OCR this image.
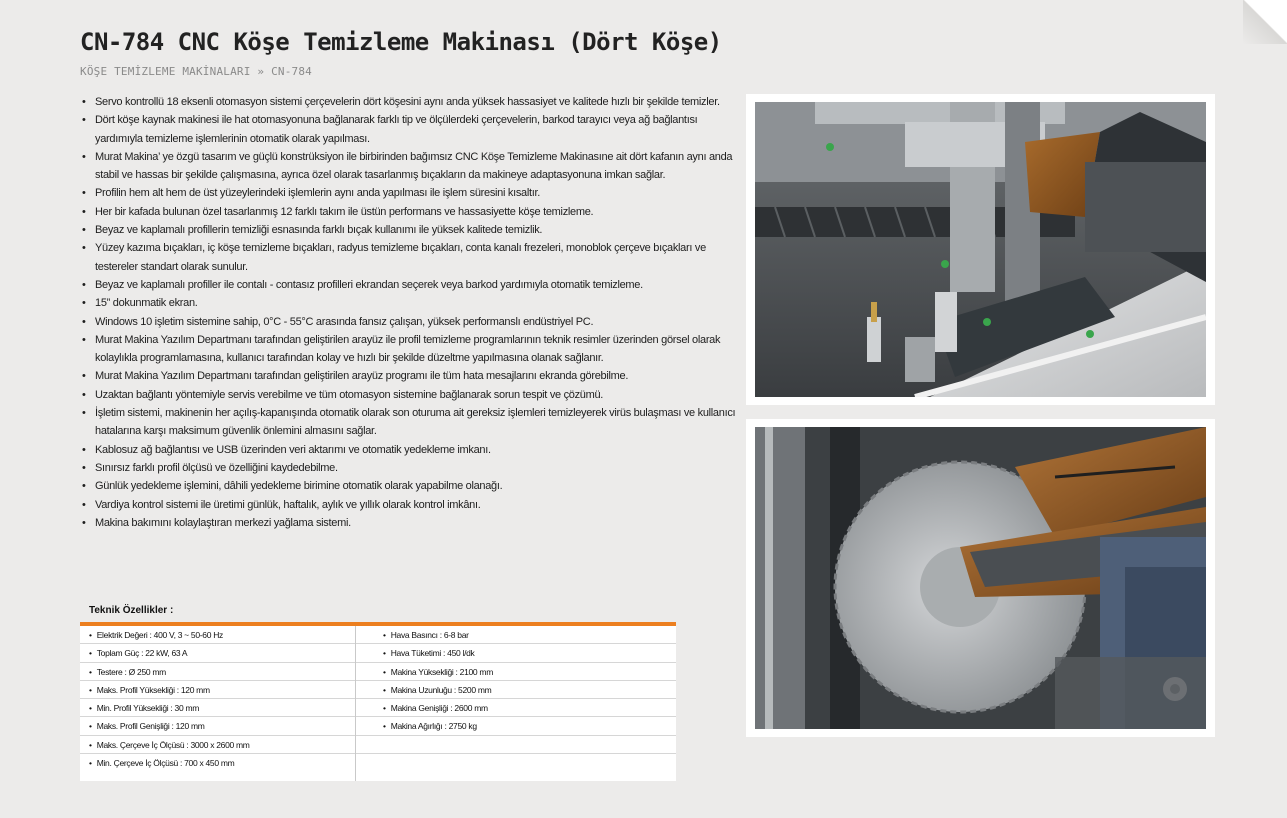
CN-784 CNC Köşe Temizleme Makinası (Dört Köşe)
KÖŞE TEMİZLEME MAKİNALARI » CN-784
• Servo kontrollü 18 eksenli otomasyon sistemi çerçevelerin dört köşesini aynı anda yüksek hassasiyet ve kalitede hızlı bir şekilde temizler.
• Dört köşe kaynak makinesi ile hat otomasyonuna bağlanarak farklı tip ve ölçülerdeki çerçevelerin, barkod tarayıcı veya ağ bağlantısı yardımıyla temizleme işlemlerinin otomatik olarak yapılması.
• Murat Makina’ ye özgü tasarım ve güçlü konstrüksiyon ile birbirinden bağımsız CNC Köşe Temizleme Makinasıne ait dört kafanın aynı anda stabil ve hassas bir şekilde çalışmasına, ayrıca özel olarak tasarlanmış bıçakların da makineye adaptasyonuna imkan sağlar.
• Profilin hem alt hem de üst yüzeylerindeki işlemlerin aynı anda yapılması ile işlem süresini kısaltır.
• Her bir kafada bulunan özel tasarlanmış 12 farklı takım ile üstün performans ve hassasiyette köşe temizleme.
• Beyaz ve kaplamalı profillerin temizliği esnasında farklı bıçak kullanımı ile yüksek kalitede temizlik.
• Yüzey kazıma bıçakları, iç köşe temizleme bıçakları, radyus temizleme bıçakları, conta kanalı frezeleri, monoblok çerçeve bıçakları ve testereler standart olarak sunulur.
• Beyaz ve kaplamalı profiller ile contalı - contasız profilleri ekrandan seçerek veya barkod yardımıyla otomatik temizleme.
• 15” dokunmatik ekran.
• Windows 10 işletim sistemine sahip, 0°C - 55°C arasında fansız çalışan, yüksek performanslı endüstriyel PC.
• Murat Makina Yazılım Departmanı tarafından geliştirilen arayüz ile profil temizleme programlarının teknik resimler üzerinden görsel olarak kolaylıkla programlamasına, kullanıcı tarafından kolay ve hızlı bir şekilde düzeltme yapılmasına olanak sağlanır.
• Murat Makina Yazılım Departmanı tarafından geliştirilen arayüz programı ile tüm hata mesajlarını ekranda görebilme.
• Uzaktan bağlantı yöntemiyle servis verebilme ve tüm otomasyon sistemine bağlanarak sorun tespit ve çözümü.
• İşletim sistemi, makinenin her açılış-kapanışında otomatik olarak son oturuma ait gereksiz işlemleri temizleyerek virüs bulaşması ve kullanıcı hatalarına karşı maksimum güvenlik önlemini almasını sağlar.
• Kablosuz ağ bağlantısı ve USB üzerinden veri aktarımı ve otomatik yedekleme imkanı.
• Sınırsız farklı profil ölçüsü ve özelliğini kaydedebilme.
• Günlük yedekleme işlemini, dâhili yedekleme birimine otomatik olarak yapabilme olanağı.
• Vardiya kontrol sistemi ile üretimi günlük, haftalık, aylık ve yıllık olarak kontrol imkânı.
• Makina bakımını kolaylaştıran merkezi yağlama sistemi.
Teknik Özellikler :
• Elektrik Değeri : 400 V, 3 ~ 50-60 Hz
• Toplam Güç : 22 kW, 63 A
• Testere : Ø 250 mm
• Maks. Profil Yüksekliği : 120 mm
• Min. Profil Yüksekliği : 30 mm
• Maks. Profil Genişliği : 120 mm
• Maks. Çerçeve İç Ölçüsü : 3000 x 2600 mm
• Min. Çerçeve İç Ölçüsü : 700 x 450 mm
• Hava Basıncı : 6-8 bar
• Hava Tüketimi : 450 l/dk
• Makina Yüksekliği : 2100 mm
• Makina Uzunluğu : 5200 mm
• Makina Genişliği : 2600 mm
• Makina Ağırlığı : 2750 kg
